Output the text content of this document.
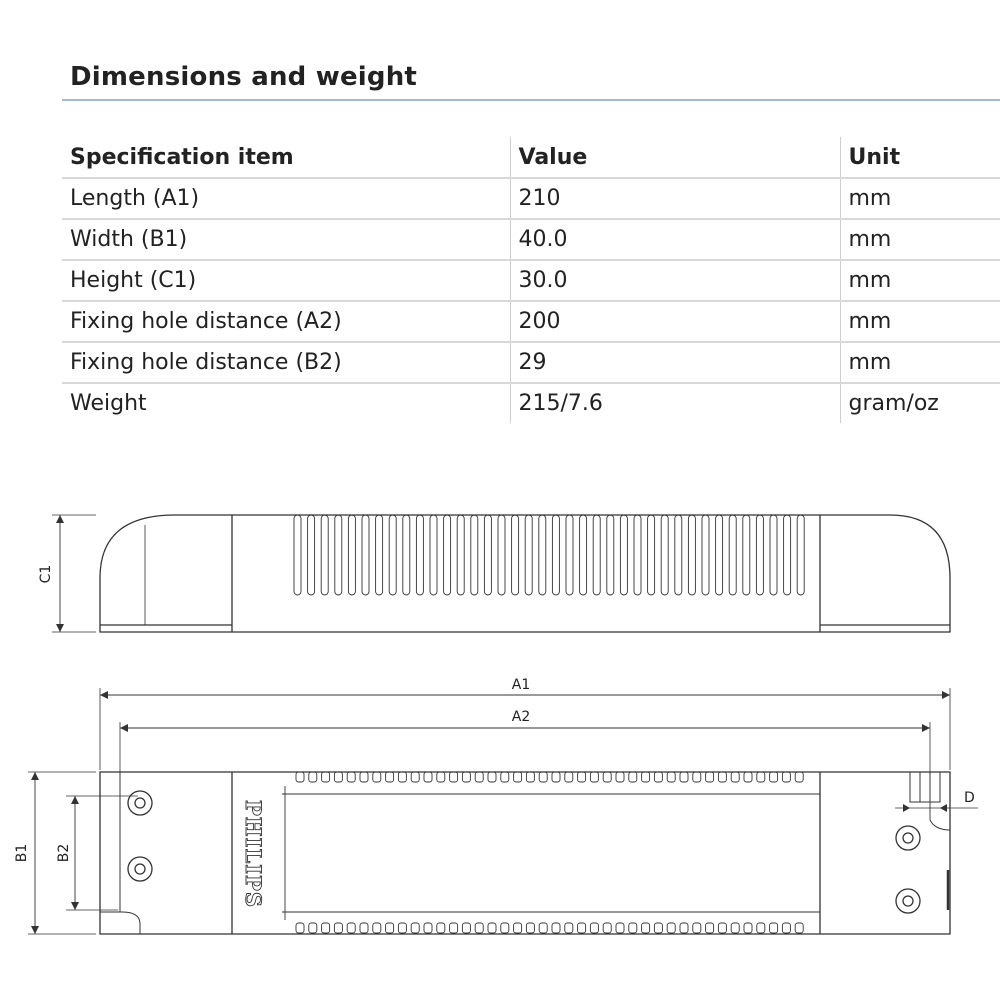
Dimensions and weight
Specification item	Value	Unit
Length (A1)	210	mm
Width (B1)	40.0	mm
Height (C1)	30.0	mm
Fixing hole distance (A2)	200	mm
Fixing hole distance (B2)	29	mm
Weight	215/7.6	gram/oz
C1
A1
A2
PHILIPS
B1 B2
D
